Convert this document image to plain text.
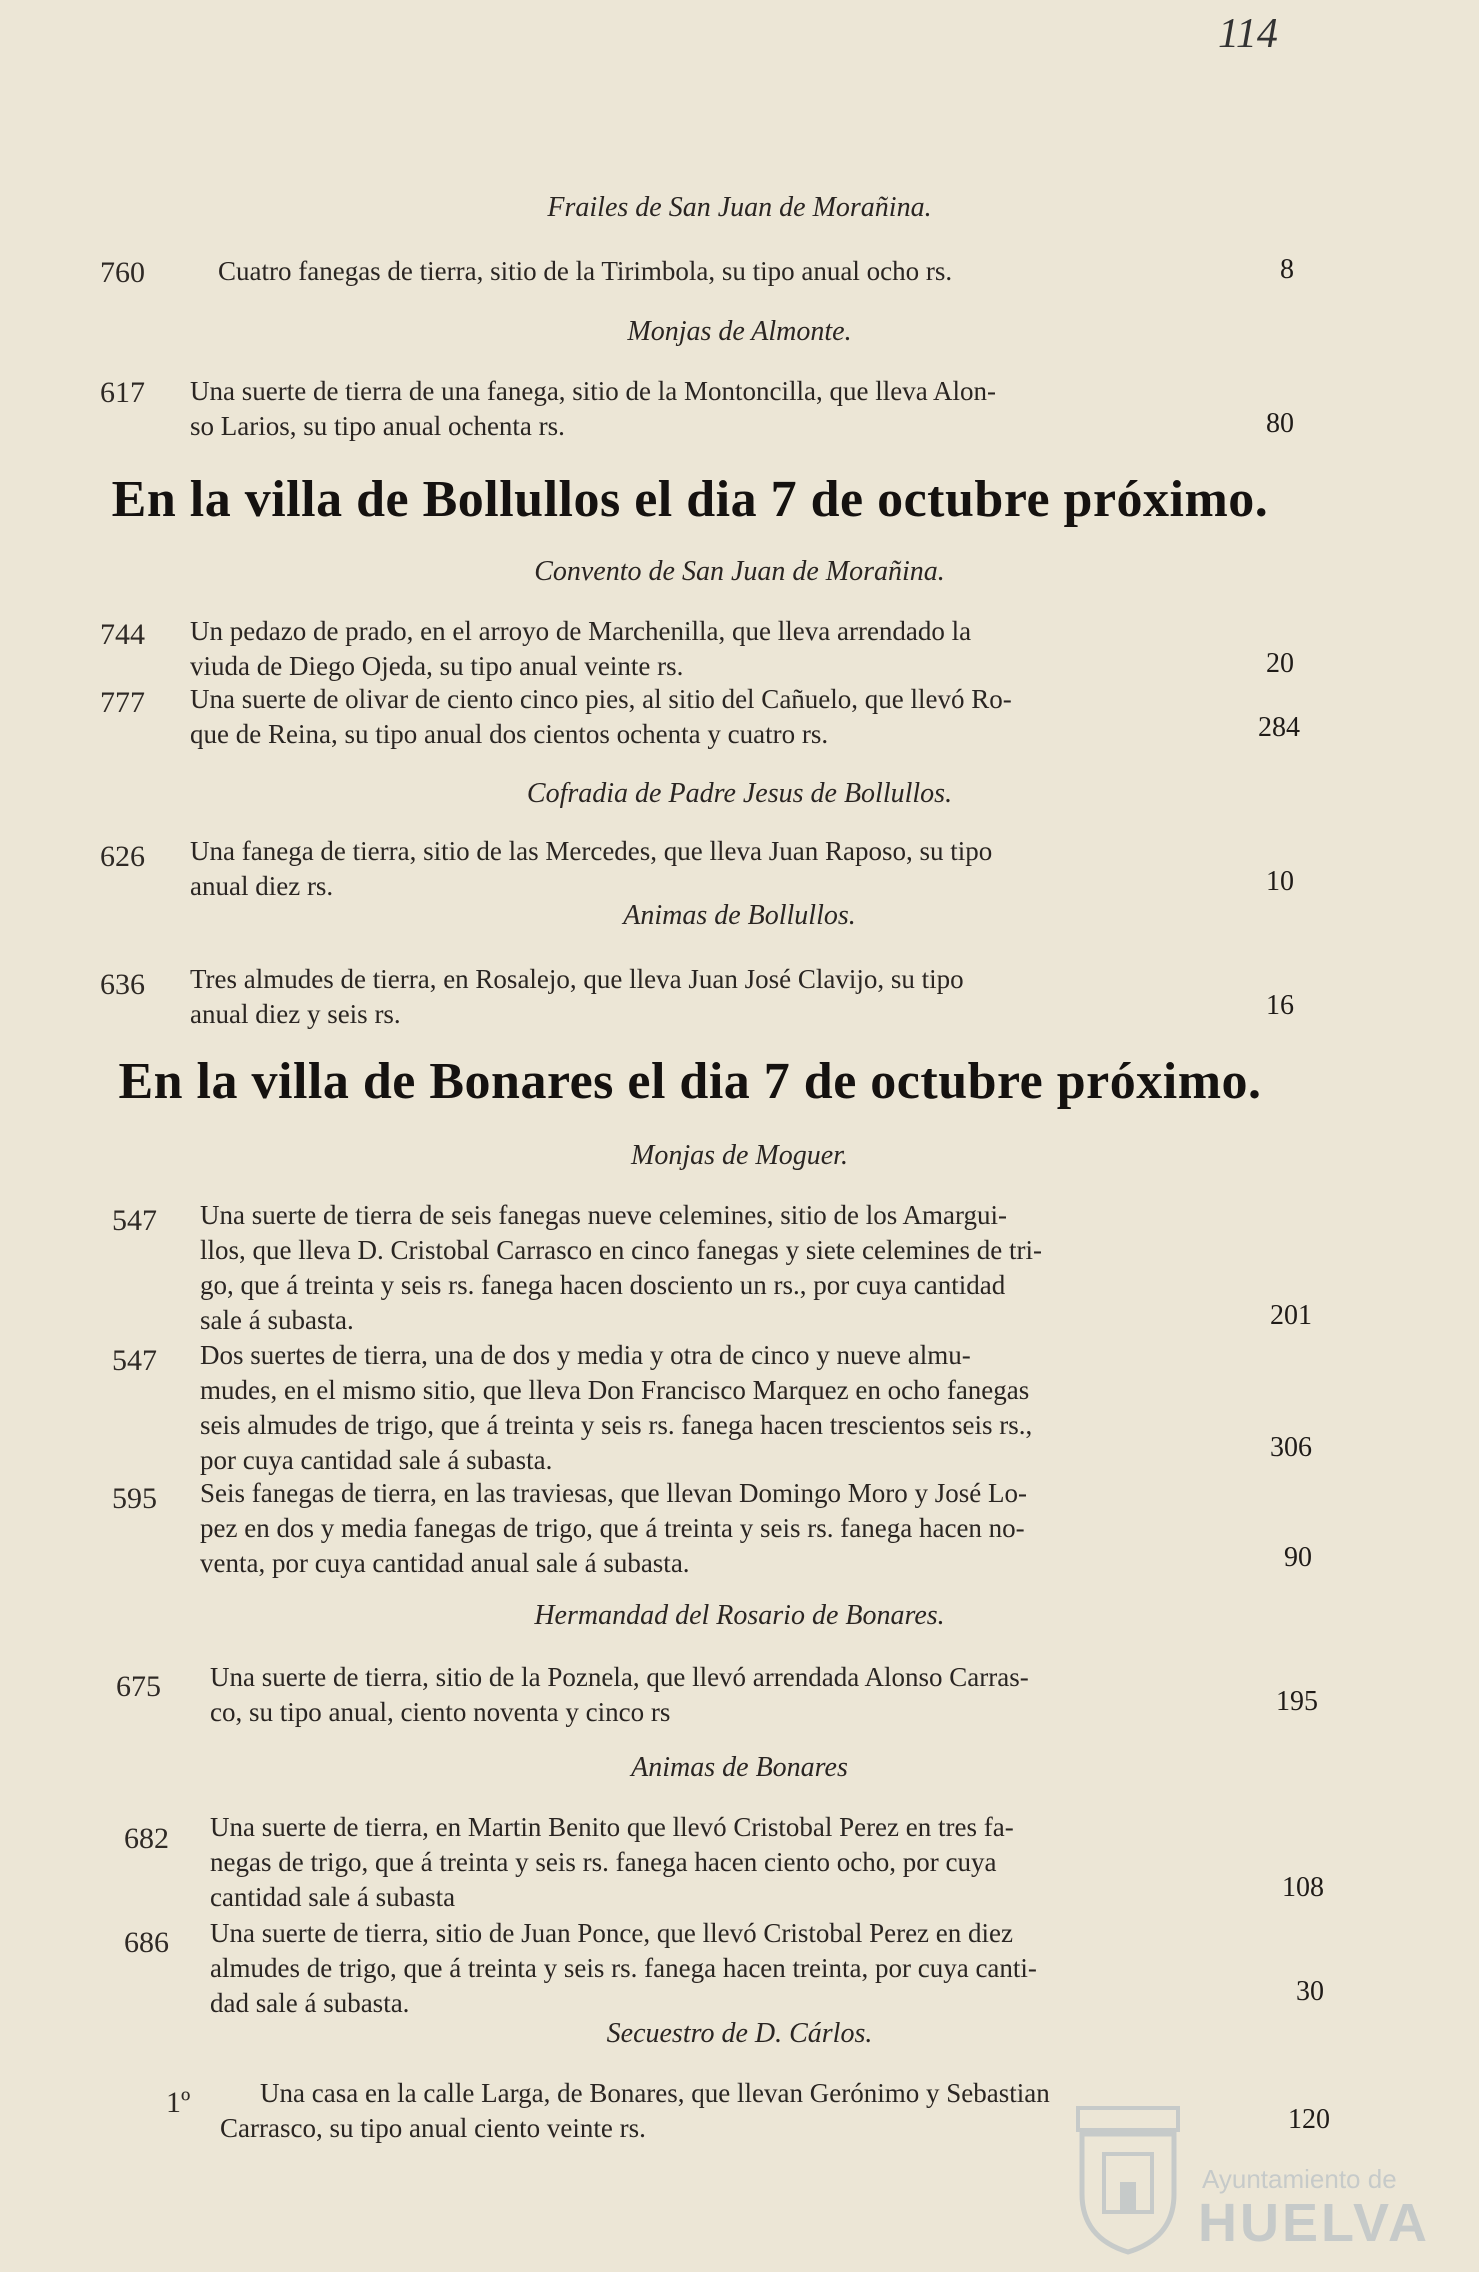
114
Frailes de San Juan de Morañina.
760	Cuatro fanegas de tierra, sitio de la Tirimbola, su tipo anual ocho rs.	8
Monjas de Almonte.
617 Una suerte de tierra de una fanega, sitio de la Montoncilla, que lleva Alon-
so Larios, su tipo anual ochenta rs.	80
En la villa de Bollullos el dia 7 de octubre próximo.
Convento de San Juan de Morañina.
744 Un pedazo de prado, en el arroyo de Marchenilla, que lleva arrendado la
viuda de Diego Ojeda, su tipo anual veinte rs.	20
777 Una suerte de olivar de ciento cinco pies, al sitio del Cañuelo, que llevó Ro-
que de Reina, su tipo anual dos cientos ochenta y cuatro rs.	284
Cofradia de Padre Jesus de Bollullos.
626 Una fanega de tierra, sitio de las Mercedes, que lleva Juan Raposo, su tipo
anual diez rs.	10
Animas de Bollullos.
636 Tres almudes de tierra, en Rosalejo, que lleva Juan José Clavijo, su tipo
anual diez y seis rs.	16
En la villa de Bonares el dia 7 de octubre próximo.
Monjas de Moguer.
547 Una suerte de tierra de seis fanegas nueve celemines, sitio de los Amargui-
llos, que lleva D. Cristobal Carrasco en cinco fanegas y siete celemines de tri-
go, que á treinta y seis rs. fanega hacen dosciento un rs., por cuya cantidad
sale á subasta.	201
547 Dos suertes de tierra, una de dos y media y otra de cinco y nueve almu-
mudes, en el mismo sitio, que lleva Don Francisco Marquez en ocho fanegas
seis almudes de trigo, que á treinta y seis rs. fanega hacen trescientos seis rs.,
por cuya cantidad sale á subasta.	306
595 Seis fanegas de tierra, en las traviesas, que llevan Domingo Moro y José Lo-
pez en dos y media fanegas de trigo, que á treinta y seis rs. fanega hacen no-
venta, por cuya cantidad anual sale á subasta.	90
Hermandad del Rosario de Bonares.
675 Una suerte de tierra, sitio de la Poznela, que llevó arrendada Alonso Carras-
co, su tipo anual, ciento noventa y cinco rs	195
Animas de Bonares
682 Una suerte de tierra, en Martin Benito que llevó Cristobal Perez en tres fa-
negas de trigo, que á treinta y seis rs. fanega hacen ciento ocho, por cuya
cantidad sale á subasta	108
686 Una suerte de tierra, sitio de Juan Ponce, que llevó Cristobal Perez en diez
almudes de trigo, que á treinta y seis rs. fanega hacen treinta, por cuya canti-
dad sale á subasta.	30
Secuestro de D. Cárlos.
1º	Una casa en la calle Larga, de Bonares, que llevan Gerónimo y Sebastian
Carrasco, su tipo anual ciento veinte rs.	120
Ayuntamiento de
HUELVA
